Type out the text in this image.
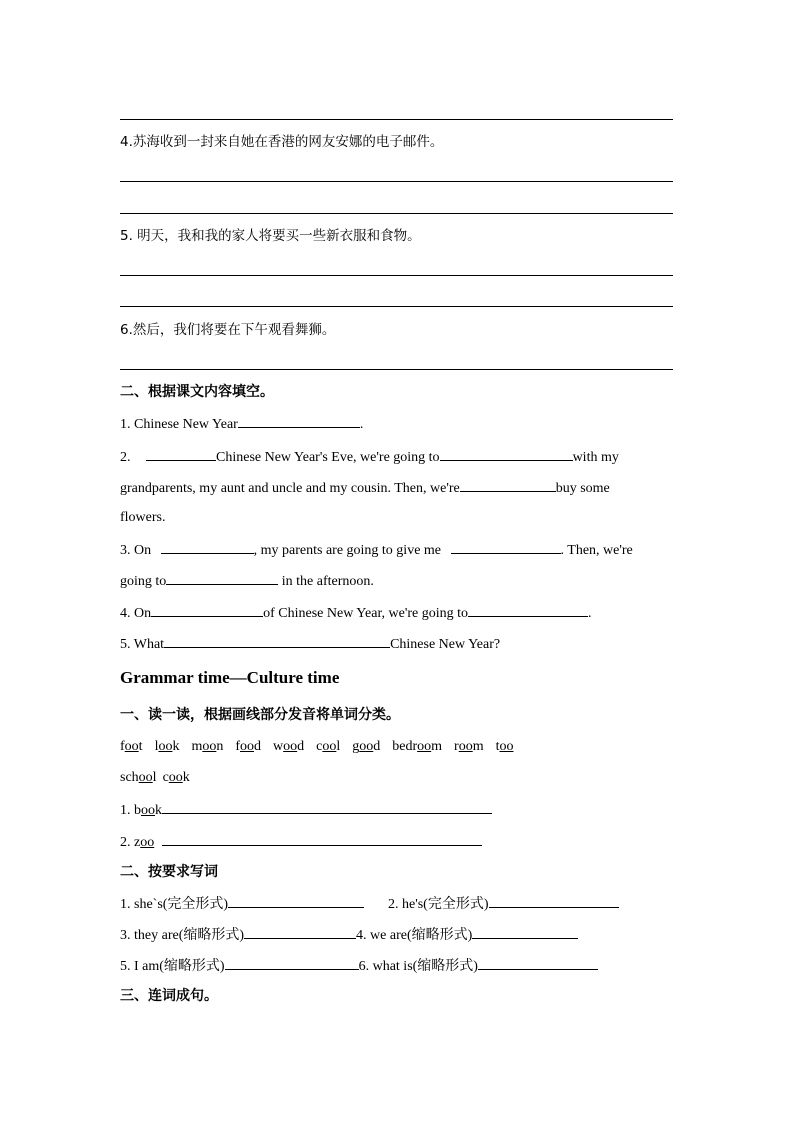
4.苏海收到一封来自她在香港的网友安娜的电子邮件。
5. 明天，我和我的家人将要买一些新衣服和食物。
6.然后，我们将要在下午观看舞狮。
二、根据课文内容填空。
1. Chinese New Year	.
2.	Chinese New Year's Eve, we're going to	with my
grandparents, my aunt and uncle and my cousin. Then, we're	buy some
flowers.
3. On	, my parents are going to give me	. Then, we're
going to	in the afternoon.
4. On	of Chinese New Year, we're going to	.
5. What	Chinese New Year?
Grammar time—Culture time
一、读一读，根据画线部分发音将单词分类。
foot look moon food wood cool good bedroom room too
school cook
1. book
2. zoo
二、按要求写词
1. she`s(完全形式)	2. he's(完全形式)
3. they are(缩略形式)	4. we are(缩略形式)
5. I am(缩略形式)	6. what is(缩略形式)
三、连词成句。
